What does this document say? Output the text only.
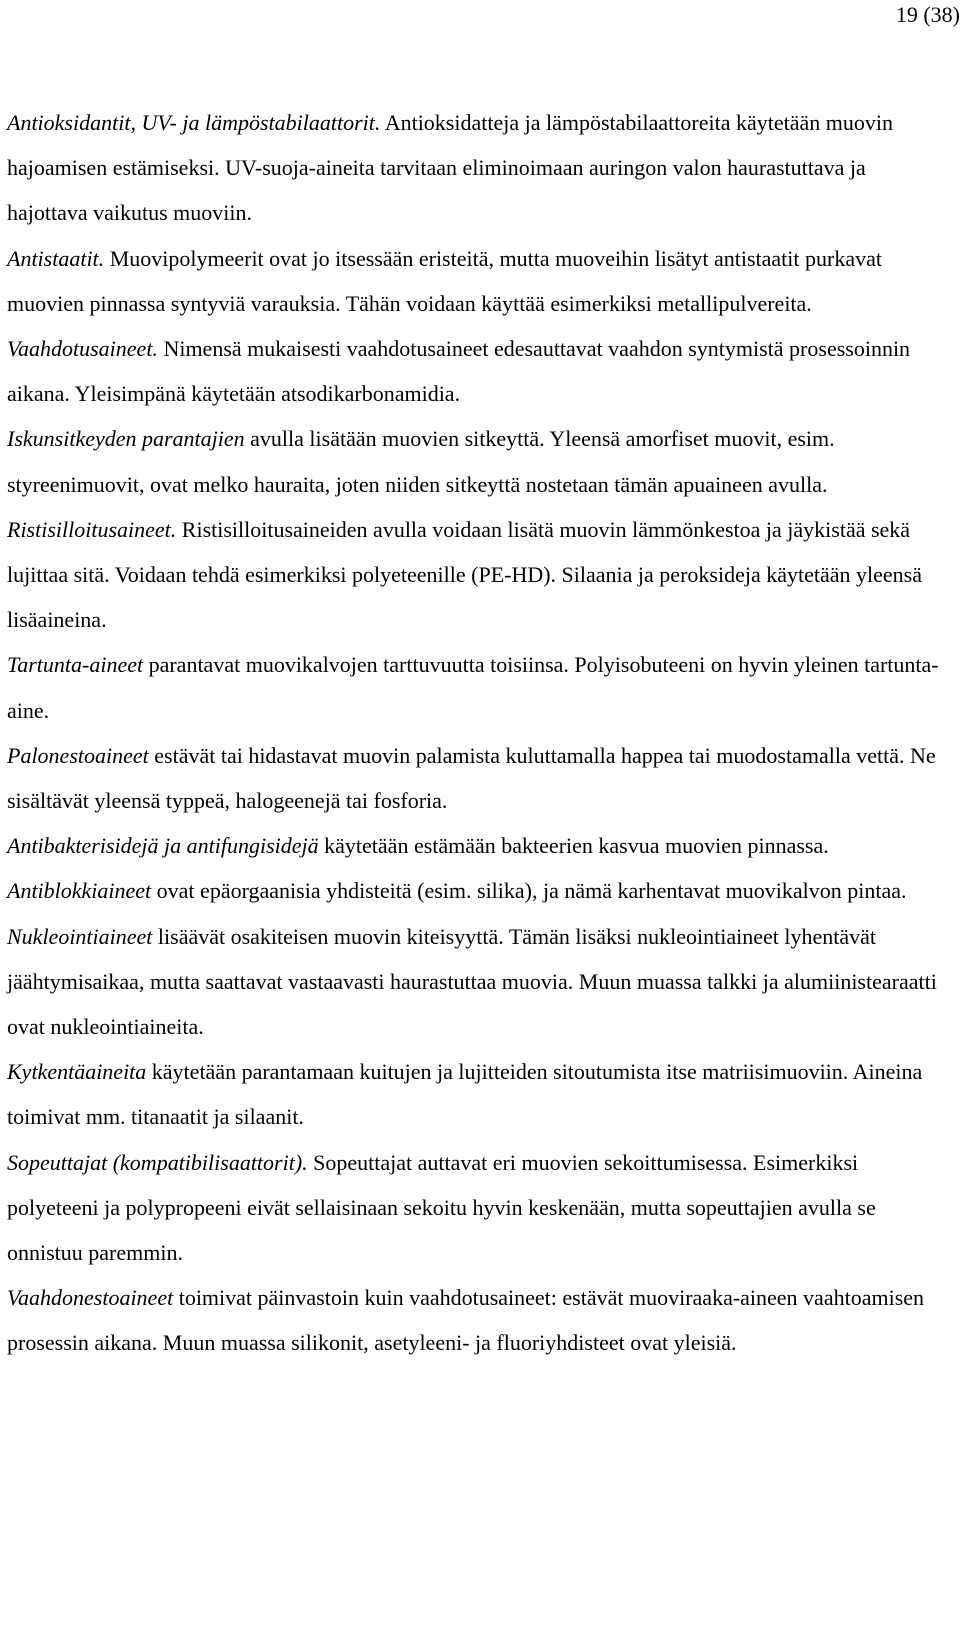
19 (38)

Antioksidantit, UV- ja lämpöstabilaattorit. Antioksidatteja ja lämpöstabilaattoreita käytetään muovin hajoamisen estämiseksi. UV-suoja-aineita tarvitaan eliminoimaan auringon valon haurastuttava ja hajottava vaikutus muoviin.

Antistaatit. Muovipolymeerit ovat jo itsessään eristeitä, mutta muoveihin lisätyt antistaatit purkavat muovien pinnassa syntyviä varauksia. Tähän voidaan käyttää esimerkiksi metallipulvereita.

Vaahdotusaineet. Nimensä mukaisesti vaahdotusaineet edesauttavat vaahdon syntymistä prosessoinnin aikana. Yleisimpänä käytetään atsodikarbonamidia.

Iskunsitkeyden parantajien avulla lisätään muovien sitkeyttä. Yleensä amorfiset muovit, esim. styreenimuovit, ovat melko hauraita, joten niiden sitkeyttä nostetaan tämän apuaineen avulla.

Ristisilloitusaineet. Ristisilloitusaineiden avulla voidaan lisätä muovin lämmönkestoa ja jäykistää sekä lujittaa sitä. Voidaan tehdä esimerkiksi polyeteenille (PE-HD). Silaania ja peroksideja käytetään yleensä lisäaineina.

Tartunta-aineet parantavat muovikalvojen tarttuvuutta toisiinsa. Polyisobuteeni on hyvin yleinen tartunta-aine.

Palonestoaineet estävät tai hidastavat muovin palamista kuluttamalla happea tai muodostamalla vettä. Ne sisältävät yleensä typpeä, halogeenejä tai fosforia.

Antibakterisidejä ja antifungisidejä käytetään estämään bakteerien kasvua muovien pinnassa.

Antiblokkiaineet ovat epäorgaanisia yhdisteitä (esim. silika), ja nämä karhentavat muovikalvon pintaa.

Nukleointiaineet lisäävät osakiteisen muovin kiteisyyttä. Tämän lisäksi nukleointiaineet lyhentävät jäähtymisaikaa, mutta saattavat vastaavasti haurastuttaa muovia. Muun muassa talkki ja alumiinistearaatti ovat nukleointiaineita.

Kytkentäaineita käytetään parantamaan kuitujen ja lujitteiden sitoutumista itse matriisimuoviin. Aineina toimivat mm. titanaatit ja silaanit.

Sopeuttajat (kompatibilisaattorit). Sopeuttajat auttavat eri muovien sekoittumisessa. Esimerkiksi polyeteeni ja polypropeeni eivät sellaisinaan sekoitu hyvin keskenään, mutta sopeuttajien avulla se onnistuu paremmin.

Vaahdonestoaineet toimivat päinvastoin kuin vaahdotusaineet: estävät muoviraaka-aineen vaahtoamisen prosessin aikana. Muun muassa silikonit, asetyleeni- ja fluoriyhdisteet ovat yleisiä.
